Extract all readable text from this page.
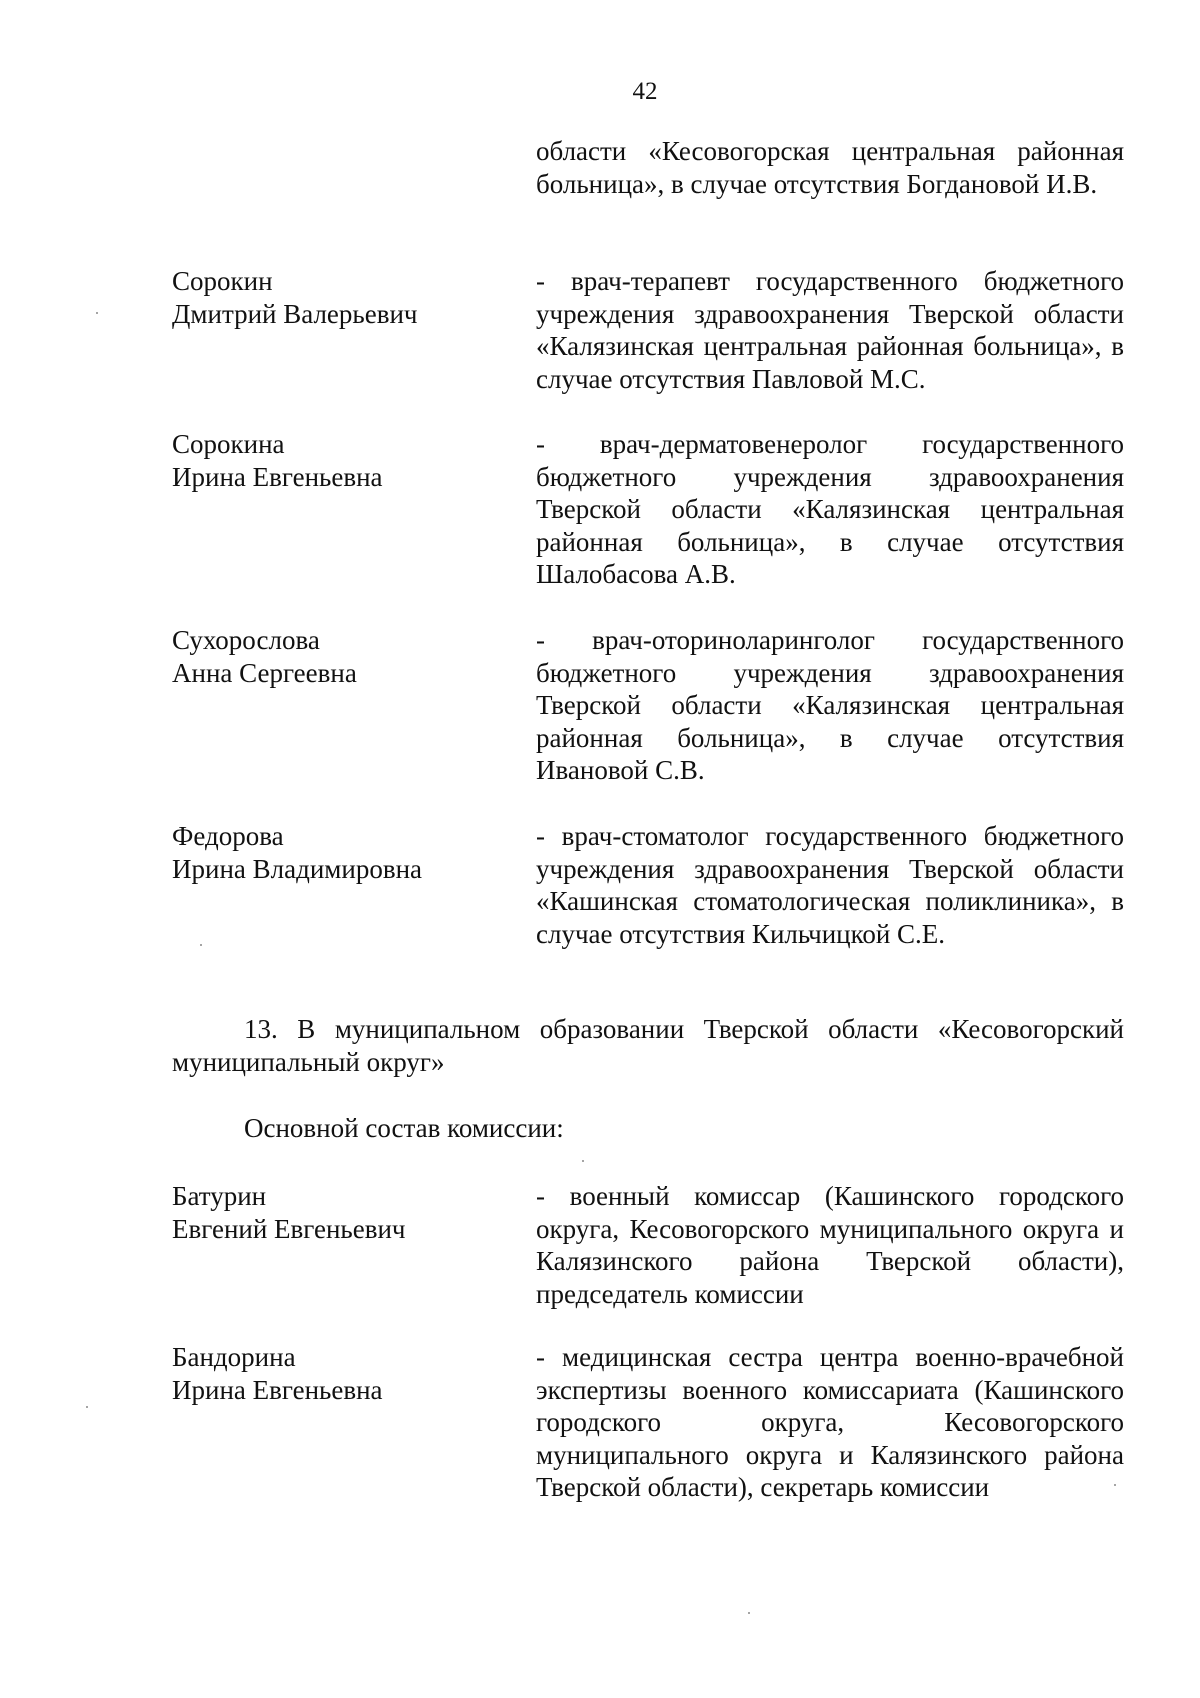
42
области «Кесовогорская центральная районная больница», в случае отсутствия Богдановой И.В.
Сорокин
Дмитрий Валерьевич
- врач-терапевт государственного бюджетного учреждения здравоохранения Тверской области «Калязинская центральная районная больница», в случае отсутствия Павловой М.С.
Сорокина
Ирина Евгеньевна
- врач-дерматовенеролог государственного бюджетного учреждения здравоохранения Тверской области «Калязинская центральная районная больница», в случае отсутствия Шалобасова А.В.
Сухорослова
Анна Сергеевна
- врач-оториноларинголог государственного бюджетного учреждения здравоохранения Тверской области «Калязинская центральная районная больница», в случае отсутствия Ивановой С.В.
Федорова
Ирина Владимировна
- врач-стоматолог государственного бюджетного учреждения здравоохранения Тверской области «Кашинская стоматологическая поликлиника», в случае отсутствия Кильчицкой С.Е.
13. В муниципальном образовании Тверской области «Кесовогорский муниципальный округ»
Основной состав комиссии:
Батурин
Евгений Евгеньевич
- военный комиссар (Кашинского городского округа, Кесовогорского муниципального округа и Калязинского района Тверской области), председатель комиссии
Бандорина
Ирина Евгеньевна
- медицинская сестра центра военно-врачебной экспертизы военного комиссариата (Кашинского городского округа, Кесовогорского муниципального округа и Калязинского района Тверской области), секретарь комиссии
